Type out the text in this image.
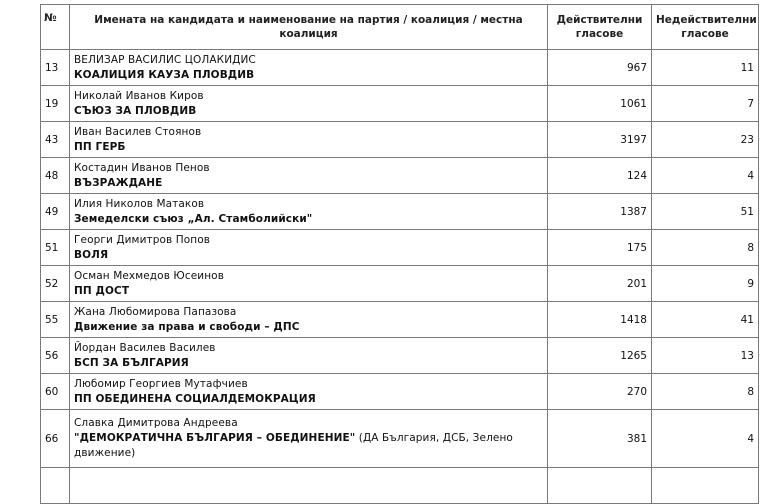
№	Имената на кандидата и наименование на партия / коалиция / местна коалиция	Действителни гласове	Недействителни гласове
13	ВЕЛИЗАР ВАСИЛИС ЦОЛАКИДИС
КОАЛИЦИЯ КАУЗА ПЛОВДИВ	967	11
19	Николай Иванов Киров
СЪЮЗ ЗА ПЛОВДИВ	1061	7
43	Иван Василев Стоянов
ПП ГЕРБ	3197	23
48	Костадин Иванов Пенов
ВЪЗРАЖДАНЕ	124	4
49	Илия Николов Матаков
Земеделски съюз „Ал. Стамболийски"	1387	51
51	Георги Димитров Попов
ВОЛЯ	175	8
52	Осман Мехмедов Юсеинов
ПП ДОСТ	201	9
55	Жана Любомирова Папазова
Движение за права и свободи – ДПС	1418	41
56	Йордан Василев Василев
БСП ЗА БЪЛГАРИЯ	1265	13
60	Любомир Георгиев Мутафчиев
ПП ОБЕДИНЕНА СОЦИАЛДЕМОКРАЦИЯ	270	8
66	Славка Димитрова Андреева
"ДЕМОКРАТИЧНА БЪЛГАРИЯ – ОБЕДИНЕНИЕ" (ДА България, ДСБ, Зелено движение)	381	4
